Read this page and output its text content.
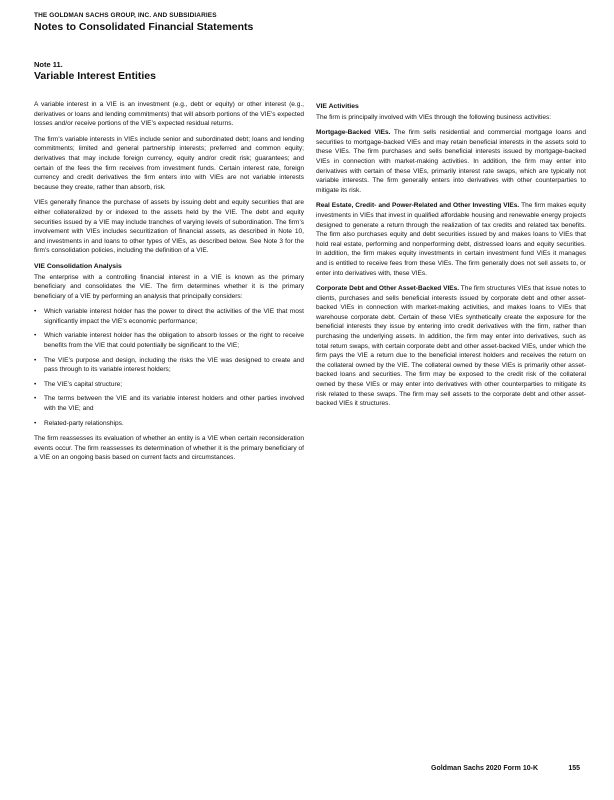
THE GOLDMAN SACHS GROUP, INC. AND SUBSIDIARIES
Notes to Consolidated Financial Statements
Note 11.
Variable Interest Entities

A variable interest in a VIE is an investment (e.g., debt or equity) or other interest (e.g., derivatives or loans and lending commitments) that will absorb portions of the VIE’s expected losses and/or receive portions of the VIE’s expected residual returns.

The firm’s variable interests in VIEs include senior and subordinated debt; loans and lending commitments; limited and general partnership interests; preferred and common equity; derivatives that may include foreign currency, equity and/or credit risk; guarantees; and certain of the fees the firm receives from investment funds. Certain interest rate, foreign currency and credit derivatives the firm enters into with VIEs are not variable interests because they create, rather than absorb, risk.

VIEs generally finance the purchase of assets by issuing debt and equity securities that are either collateralized by or indexed to the assets held by the VIE. The debt and equity securities issued by a VIE may include tranches of varying levels of subordination. The firm’s involvement with VIEs includes securitization of financial assets, as described in Note 10, and investments in and loans to other types of VIEs, as described below. See Note 3 for the firm’s consolidation policies, including the definition of a VIE.

VIE Consolidation Analysis

The enterprise with a controlling financial interest in a VIE is known as the primary beneficiary and consolidates the VIE. The firm determines whether it is the primary beneficiary of a VIE by performing an analysis that principally considers:

• Which variable interest holder has the power to direct the activities of the VIE that most significantly impact the VIE’s economic performance;
• Which variable interest holder has the obligation to absorb losses or the right to receive benefits from the VIE that could potentially be significant to the VIE;
• The VIE’s purpose and design, including the risks the VIE was designed to create and pass through to its variable interest holders;
• The VIE’s capital structure;
• The terms between the VIE and its variable interest holders and other parties involved with the VIE; and
• Related-party relationships.

The firm reassesses its evaluation of whether an entity is a VIE when certain reconsideration events occur. The firm reassesses its determination of whether it is the primary beneficiary of a VIE on an ongoing basis based on current facts and circumstances.

VIE Activities

The firm is principally involved with VIEs through the following business activities:

Mortgage-Backed VIEs. The firm sells residential and commercial mortgage loans and securities to mortgage-backed VIEs and may retain beneficial interests in the assets sold to these VIEs. The firm purchases and sells beneficial interests issued by mortgage-backed VIEs in connection with market-making activities. In addition, the firm may enter into derivatives with certain of these VIEs, primarily interest rate swaps, which are typically not variable interests. The firm generally enters into derivatives with other counterparties to mitigate its risk.

Real Estate, Credit- and Power-Related and Other Investing VIEs. The firm makes equity investments in VIEs that invest in qualified affordable housing and renewable energy projects designed to generate a return through the realization of tax credits and related tax benefits. The firm also purchases equity and debt securities issued by and makes loans to VIEs that hold real estate, performing and nonperforming debt, distressed loans and equity securities. In addition, the firm makes equity investments in certain investment fund VIEs it manages and is entitled to receive fees from these VIEs. The firm generally does not sell assets to, or enter into derivatives with, these VIEs.

Corporate Debt and Other Asset-Backed VIEs. The firm structures VIEs that issue notes to clients, purchases and sells beneficial interests issued by corporate debt and other asset-backed VIEs in connection with market-making activities, and makes loans to VIEs that warehouse corporate debt. Certain of these VIEs synthetically create the exposure for the beneficial interests they issue by entering into credit derivatives with the firm, rather than purchasing the underlying assets. In addition, the firm may enter into derivatives, such as total return swaps, with certain corporate debt and other asset-backed VIEs, under which the firm pays the VIE a return due to the beneficial interest holders and receives the return on the collateral owned by the VIE. The collateral owned by these VIEs is primarily other asset-backed loans and securities. The firm may be exposed to the credit risk of the collateral owned by these VIEs or may enter into derivatives with other counterparties to mitigate its risk related to these swaps. The firm may sell assets to the corporate debt and other asset-backed VIEs it structures.

Goldman Sachs 2020 Form 10-K	155
